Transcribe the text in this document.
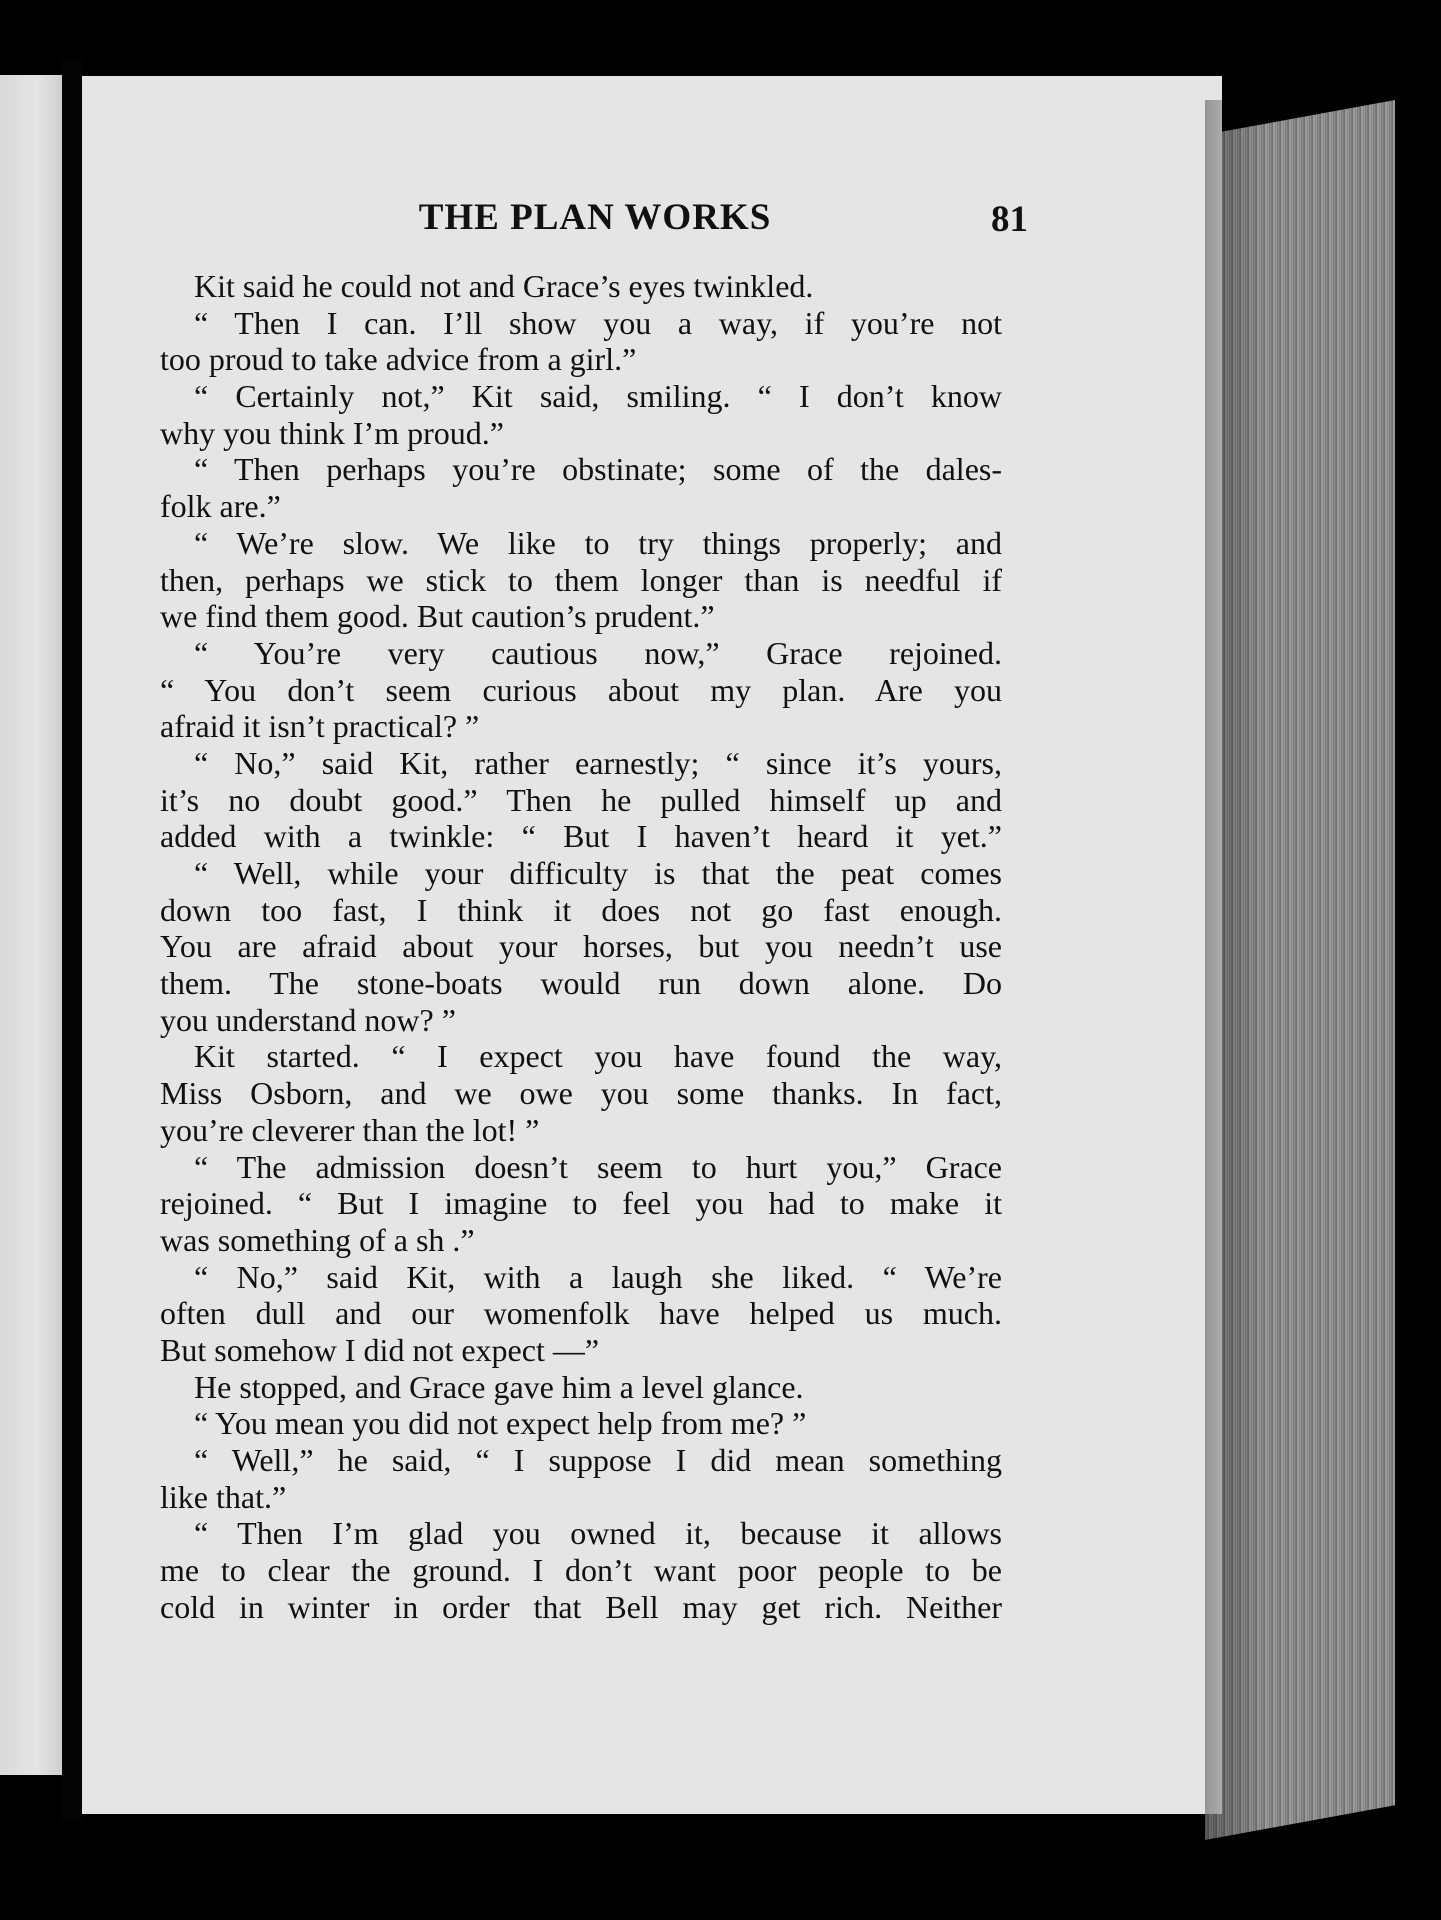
THE PLAN WORKS	81
Kit said he could not and Grace’s eyes twinkled.
“ Then I can. I’ll show you a way, if you’re not
too proud to take advice from a girl.”
“ Certainly not,” Kit said, smiling. “ I don’t know
why you think I’m proud.”
“ Then perhaps you’re obstinate; some of the dales-
folk are.”
“ We’re slow. We like to try things properly; and
then, perhaps we stick to them longer than is needful if
we find them good. But caution’s prudent.”
“ You’re very cautious now,” Grace rejoined.
“ You don’t seem curious about my plan. Are you
afraid it isn’t practical? ”
“ No,” said Kit, rather earnestly; “ since it’s yours,
it’s no doubt good.” Then he pulled himself up and
added with a twinkle: “ But I haven’t heard it yet.”
“ Well, while your difficulty is that the peat comes
down too fast, I think it does not go fast enough.
You are afraid about your horses, but you needn’t use
them. The stone-boats would run down alone. Do
you understand now? ”
Kit started. “ I expect you have found the way,
Miss Osborn, and we owe you some thanks. In fact,
you’re cleverer than the lot! ”
“ The admission doesn’t seem to hurt you,” Grace
rejoined. “ But I imagine to feel you had to make it
was something of a sh .”
“ No,” said Kit, with a laugh she liked. “ We’re
often dull and our womenfolk have helped us much.
But somehow I did not expect —”
He stopped, and Grace gave him a level glance.
“ You mean you did not expect help from me? ”
“ Well,” he said, “ I suppose I did mean something
like that.”
“ Then I’m glad you owned it, because it allows
me to clear the ground. I don’t want poor people to be
cold in winter in order that Bell may get rich. Neither
